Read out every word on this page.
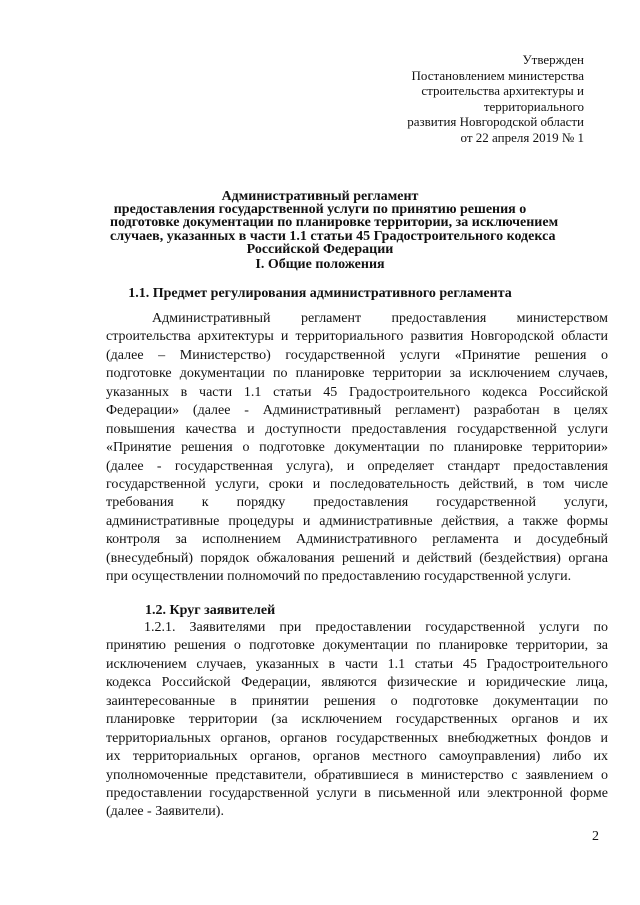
Утвержден
Постановлением министерства
строительства архитектуры и
территориального
развития Новгородской области
от 22 апреля 2019 № 1
Административный регламент
предоставления государственной услуги по принятию решения о
подготовке документации по планировке территории, за исключением
случаев, указанных в части 1.1 статьи 45 Градостроительного кодекса
Российской Федерации
I. Общие положения
1.1. Предмет регулирования административного регламента
Административный регламент предоставления министерством
строительства архитектуры и территориального развития Новгородской области
(далее – Министерство) государственной услуги «Принятие решения о
подготовке документации по планировке территории за исключением случаев,
указанных в части 1.1 статьи 45 Градостроительного кодекса Российской
Федерации» (далее - Административный регламент) разработан в целях
повышения качества и доступности предоставления государственной услуги
«Принятие решения о подготовке документации по планировке территории»
(далее - государственная услуга), и определяет стандарт предоставления
государственной услуги, сроки и последовательность действий, в том числе
требования к порядку предоставления государственной услуги,
административные процедуры и административные действия, а также формы
контроля за исполнением Административного регламента и досудебный
(внесудебный) порядок обжалования решений и действий (бездействия) органа
при осуществлении полномочий по предоставлению государственной услуги.
1.2. Круг заявителей
1.2.1. Заявителями при предоставлении государственной услуги по
принятию решения о подготовке документации по планировке территории, за
исключением случаев, указанных в части 1.1 статьи 45 Градостроительного
кодекса Российской Федерации, являются физические и юридические лица,
заинтересованные в принятии решения о подготовке документации по
планировке территории (за исключением государственных органов и их
территориальных органов, органов государственных внебюджетных фондов и
их территориальных органов, органов местного самоуправления) либо их
уполномоченные представители, обратившиеся в министерство с заявлением о
предоставлении государственной услуги в письменной или электронной форме
(далее - Заявители).
2
